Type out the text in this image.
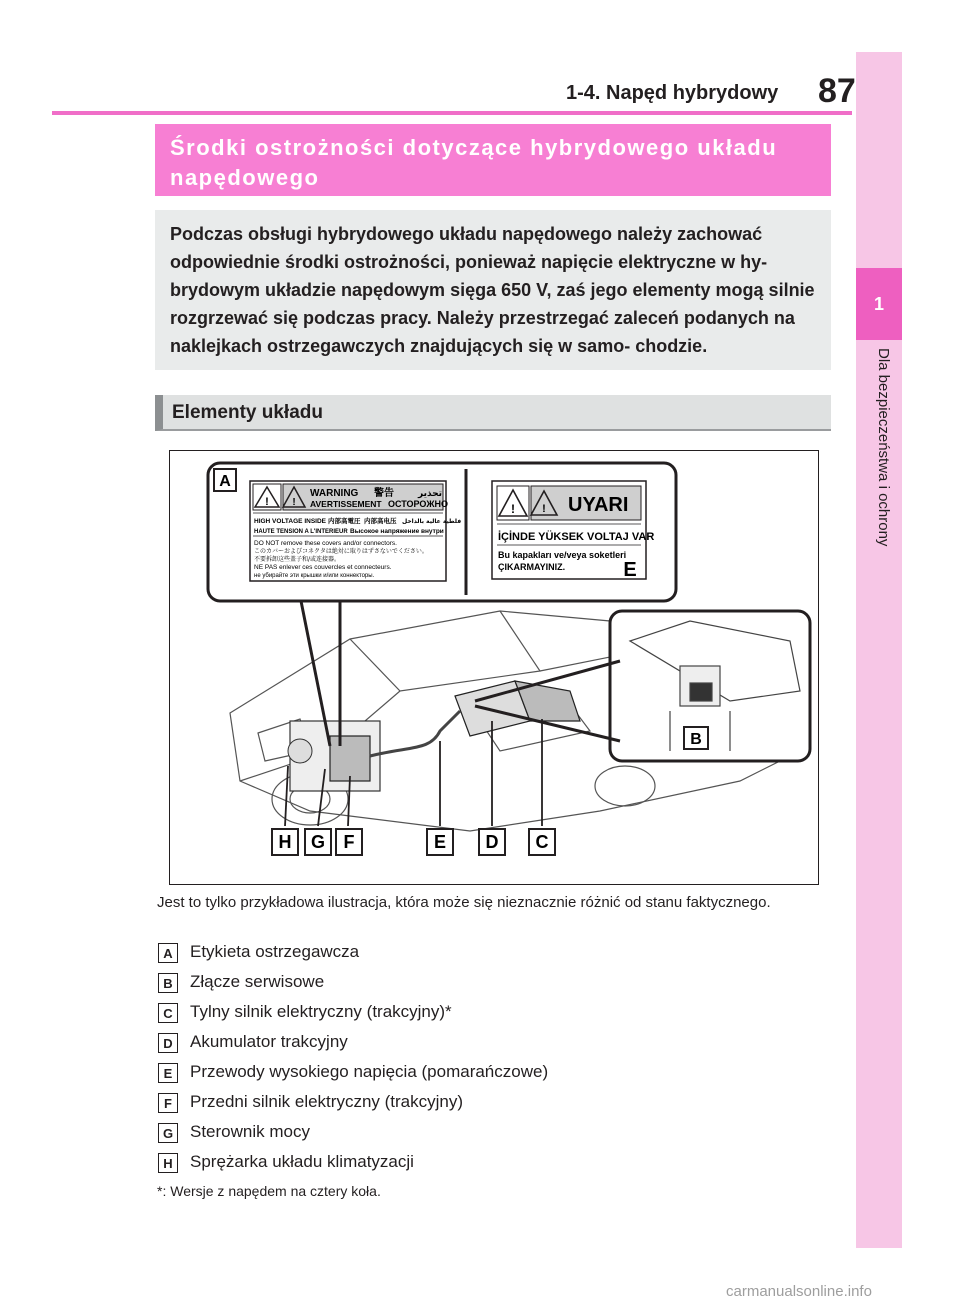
1-4. Napęd hybrydowy 87
1
Dla bezpieczeństwa i ochrony
Środki ostrożności dotyczące hybrydowego układu napędowego
Podczas obsługi hybrydowego układu napędowego należy zachować odpowiednie środki ostrożności, ponieważ napięcie elektryczne w hy- brydowym układzie napędowym sięga 650 V, zaś jego elementy mogą silnie rozgrzewać się podczas pracy. Należy przestrzegać zaleceń podanych na naklejkach ostrzegawczych znajdujących się w samo- chodzie.
Elementy układu
A
! !
WARNING 警告	تحذير
AVERTISSEMENT ОСТОРОЖНО
HIGH VOLTAGE INSIDE 内部高電圧 内部高电压 فلطية عالية بالداخل
HAUTE TENSION A L'INTERIEUR Высокое напряжение внутри
DO NOT remove these covers and/or connectors.
このカバーおよびコネクタは絶対に取りはずさないでください。
不要拆卸这些盖子和/或连接器。
NE PAS enlever ces couvercles et connecteurs.
не убирайте эти крышки и/или коннекторы.
! ! UYARI
İÇİNDE YÜKSEK VOLTAJ VAR
Bu kapakları ve/veya soketleri
ÇIKARMAYINIZ.	E
B
H G F	E D C
Jest to tylko przykładowa ilustracja, która może się nieznacznie różnić od stanu faktycznego.
A	Etykieta ostrzegawcza
B	Złącze serwisowe
C	Tylny silnik elektryczny (trakcyjny)*
D	Akumulator trakcyjny
E	Przewody wysokiego napięcia (pomarańczowe)
F	Przedni silnik elektryczny (trakcyjny)
G Sterownik mocy
H	Sprężarka układu klimatyzacji
*: Wersje z napędem na cztery koła.
carmanualsonline.info
